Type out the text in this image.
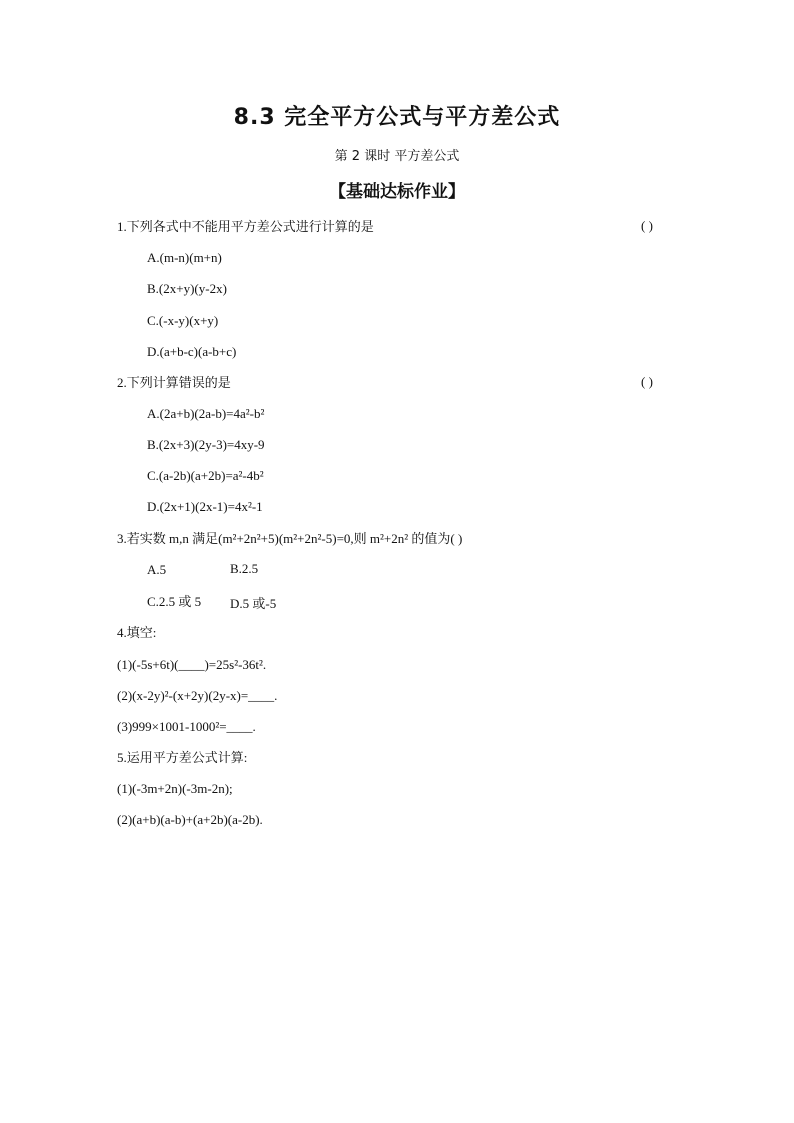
8.3 完全平方公式与平方差公式
第 2 课时 平方差公式
【基础达标作业】
1.下列各式中不能用平方差公式进行计算的是	( )
A.(m-n)(m+n)
B.(2x+y)(y-2x)
C.(-x-y)(x+y)
D.(a+b-c)(a-b+c)
2.下列计算错误的是	( )
A.(2a+b)(2a-b)=4a²-b²
B.(2x+3)(2y-3)=4xy-9
C.(a-2b)(a+2b)=a²-4b²
D.(2x+1)(2x-1)=4x²-1
3.若实数 m,n 满足(m²+2n²+5)(m²+2n²-5)=0,则 m²+2n² 的值为( )
A.5	B.2.5
C.2.5 或 5 D.5 或-5
4.填空:
(1)(-5s+6t)(____)=25s²-36t².
(2)(x-2y)²-(x+2y)(2y-x)=____.
(3)999×1001-1000²=____.
5.运用平方差公式计算:
(1)(-3m+2n)(-3m-2n);
(2)(a+b)(a-b)+(a+2b)(a-2b).
